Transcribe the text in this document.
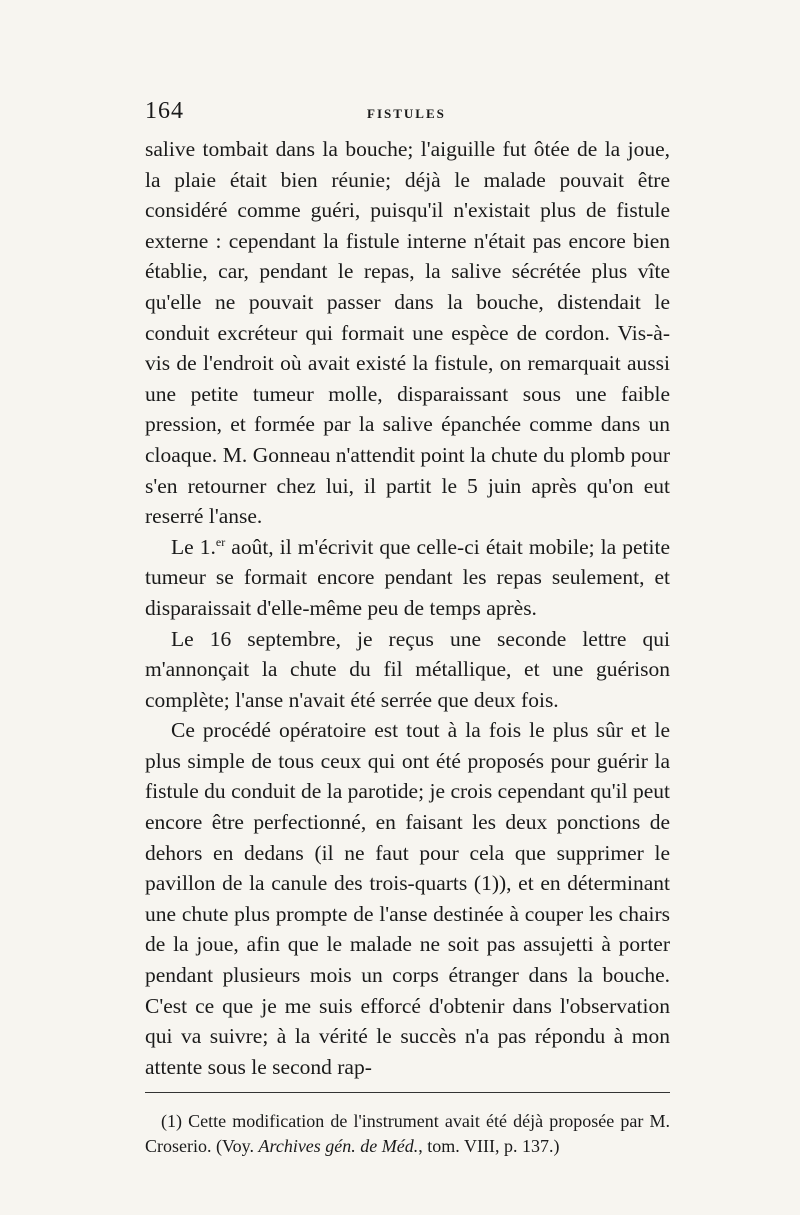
164	FISTULES

salive tombait dans la bouche; l'aiguille fut ôtée de la joue, la plaie était bien réunie; déjà le malade pouvait être considéré comme guéri, puisqu'il n'existait plus de fistule externe : cependant la fistule interne n'était pas encore bien établie, car, pendant le repas, la salive sécrétée plus vîte qu'elle ne pouvait passer dans la bouche, distendait le conduit excréteur qui formait une espèce de cordon. Vis-à-vis de l'endroit où avait existé la fistule, on remarquait aussi une petite tumeur molle, disparaissant sous une faible pression, et formée par la salive épanchée comme dans un cloaque. M. Gonneau n'attendit point la chute du plomb pour s'en retourner chez lui, il partit le 5 juin après qu'on eut reserré l'anse.

Le 1.$^{er}$ août, il m'écrivit que celle-ci était mobile; la petite tumeur se formait encore pendant les repas seulement, et disparaissait d'elle-même peu de temps après.

Le 16 septembre, je reçus une seconde lettre qui m'annonçait la chute du fil métallique, et une guérison complète; l'anse n'avait été serrée que deux fois.

Ce procédé opératoire est tout à la fois le plus sûr et le plus simple de tous ceux qui ont été proposés pour guérir la fistule du conduit de la parotide; je crois cependant qu'il peut encore être perfectionné, en faisant les deux ponctions de dehors en dedans (il ne faut pour cela que supprimer le pavillon de la canule des trois-quarts (1)), et en déterminant une chute plus prompte de l'anse destinée à couper les chairs de la joue, afin que le malade ne soit pas assujetti à porter pendant plusieurs mois un corps étranger dans la bouche. C'est ce que je me suis efforcé d'obtenir dans l'observation qui va suivre; à la vérité le succès n'a pas répondu à mon attente sous le second rap-

(1) Cette modification de l'instrument avait été déjà proposée par M. Croserio. (Voy. Archives gén. de Méd., tom. VIII, p. 137.)
